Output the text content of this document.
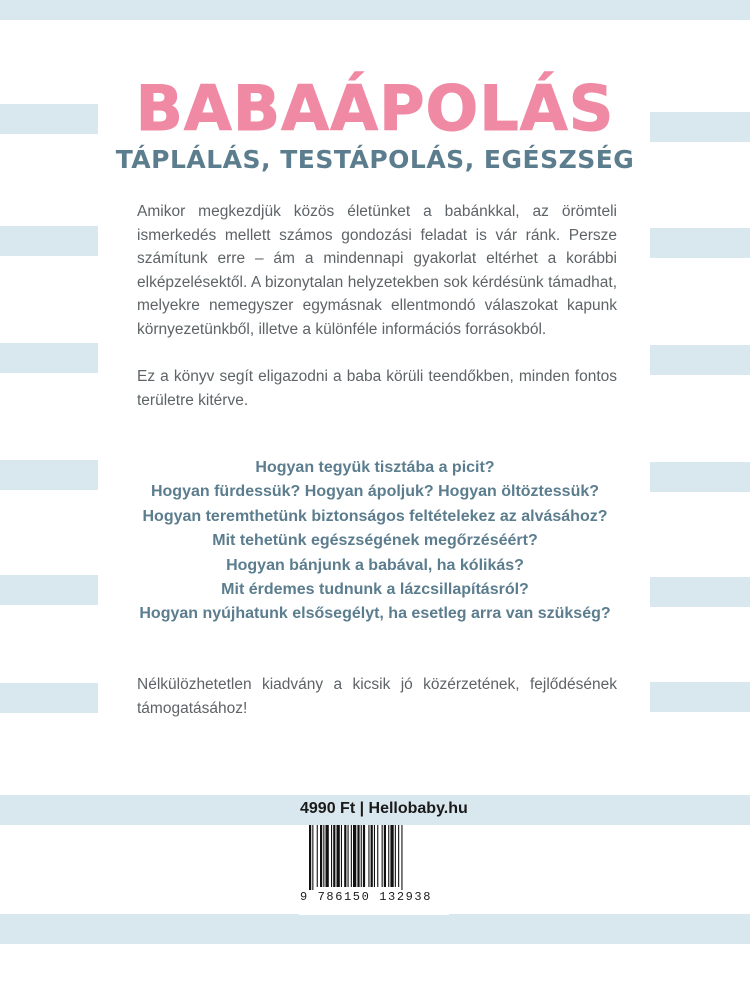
BABAÁPOLÁS
TÁPLÁLÁS, TESTÁPOLÁS, EGÉSZSÉG
Amikor megkezdjük közös életünket a babánkkal, az örömteli ismerkedés mellett számos gondozási feladat is vár ránk. Persze számítunk erre – ám a mindennapi gyakorlat eltérhet a korábbi elképzelésektől. A bizonytalan helyzetekben sok kérdésünk támadhat, melyekre nemegyszer egymásnak ellentmondó válaszokat kapunk környezetünkből, illetve a különféle információs forrásokból.
Ez a könyv segít eligazodni a baba körüli teendőkben, minden fontos területre kitérve.
Hogyan tegyük tisztába a picit?
Hogyan fürdessük? Hogyan ápoljuk? Hogyan öltöztessük?
Hogyan teremthetünk biztonságos feltételekez az alvásához?
Mit tehetünk egészségének megőrzéséért?
Hogyan bánjunk a babával, ha kólikás?
Mit érdemes tudnunk a lázcsillapításról?
Hogyan nyújhatunk elsősegélyt, ha esetleg arra van szükség?
Nélkülözhetetlen kiadvány a kicsik jó közérzetének, fejlődésének támogatásához!
4990 Ft | Hellobaby.hu
9 786150 132938
